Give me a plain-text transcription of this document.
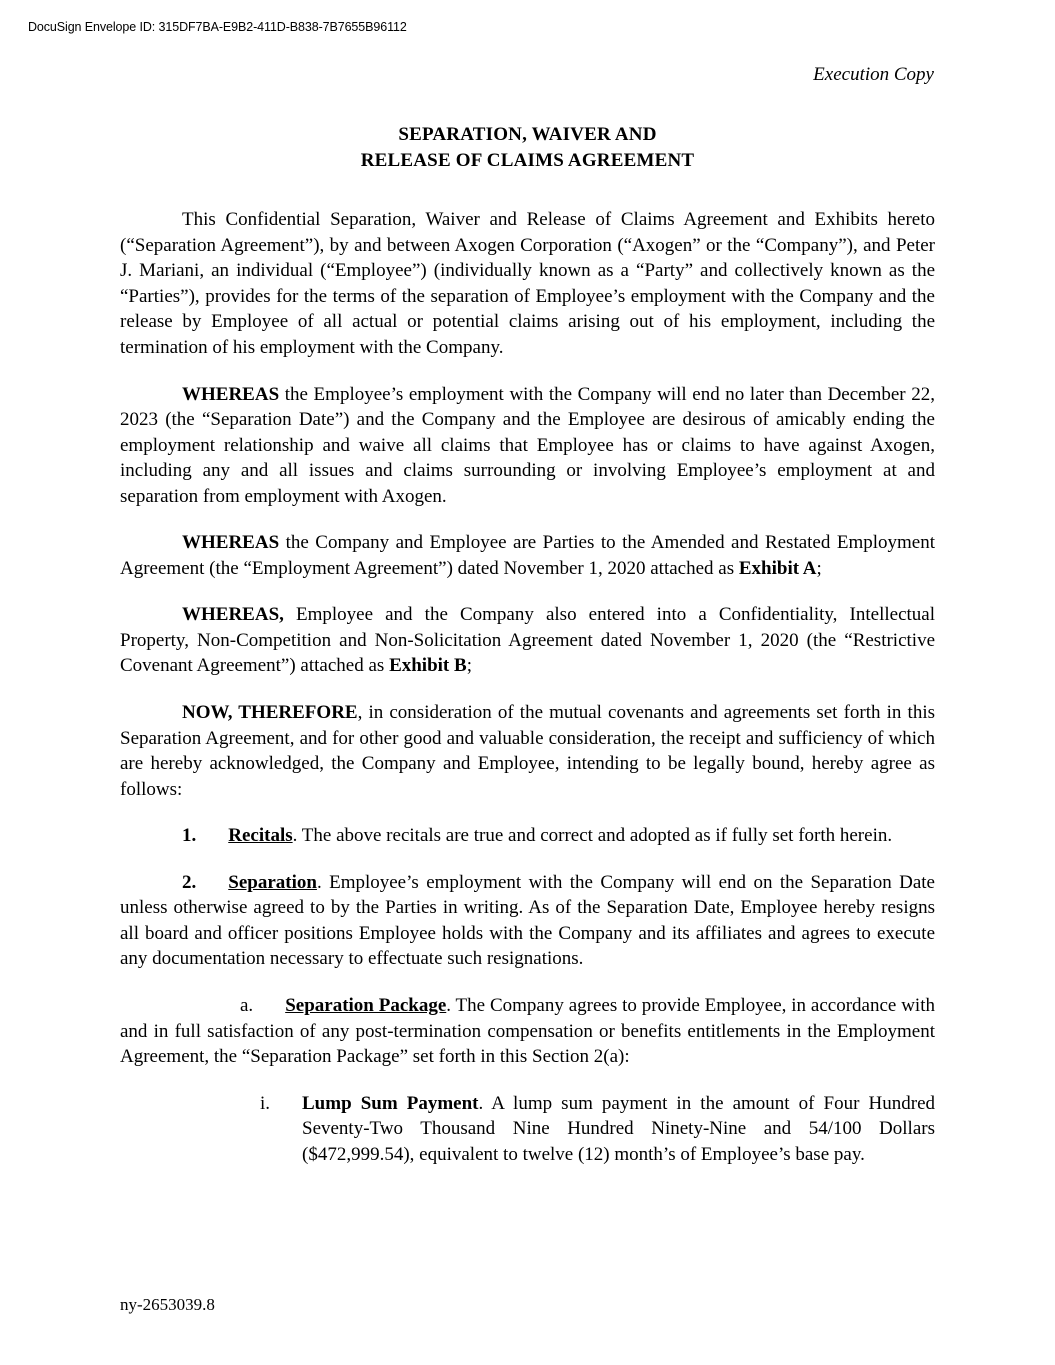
DocuSign Envelope ID: 315DF7BA-E9B2-411D-B838-7B7655B96112
Execution Copy
SEPARATION, WAIVER AND
RELEASE OF CLAIMS AGREEMENT

This Confidential Separation, Waiver and Release of Claims Agreement and Exhibits hereto (“Separation Agreement”), by and between Axogen Corporation (“Axogen” or the “Company”), and Peter J. Mariani, an individual (“Employee”) (individually known as a “Party” and collectively known as the “Parties”), provides for the terms of the separation of Employee’s employment with the Company and the release by Employee of all actual or potential claims arising out of his employment, including the termination of his employment with the Company.

WHEREAS the Employee’s employment with the Company will end no later than December 22, 2023 (the “Separation Date”) and the Company and the Employee are desirous of amicably ending the employment relationship and waive all claims that Employee has or claims to have against Axogen, including any and all issues and claims surrounding or involving Employee’s employment at and separation from employment with Axogen.

WHEREAS the Company and Employee are Parties to the Amended and Restated Employment Agreement (the “Employment Agreement”) dated November 1, 2020 attached as Exhibit A;

WHEREAS, Employee and the Company also entered into a Confidentiality, Intellectual Property, Non-Competition and Non-Solicitation Agreement dated November 1, 2020 (the “Restrictive Covenant Agreement”) attached as Exhibit B;

NOW, THEREFORE, in consideration of the mutual covenants and agreements set forth in this Separation Agreement, and for other good and valuable consideration, the receipt and sufficiency of which are hereby acknowledged, the Company and Employee, intending to be legally bound, hereby agree as follows:

1. Recitals. The above recitals are true and correct and adopted as if fully set forth herein.

2. Separation. Employee’s employment with the Company will end on the Separation Date unless otherwise agreed to by the Parties in writing. As of the Separation Date, Employee hereby resigns all board and officer positions Employee holds with the Company and its affiliates and agrees to execute any documentation necessary to effectuate such resignations.

a. Separation Package. The Company agrees to provide Employee, in accordance with and in full satisfaction of any post-termination compensation or benefits entitlements in the Employment Agreement, the “Separation Package” set forth in this Section 2(a):

i. Lump Sum Payment. A lump sum payment in the amount of Four Hundred Seventy-Two Thousand Nine Hundred Ninety-Nine and 54/100 Dollars ($472,999.54), equivalent to twelve (12) month’s of Employee’s base pay.

ny-2653039.8
